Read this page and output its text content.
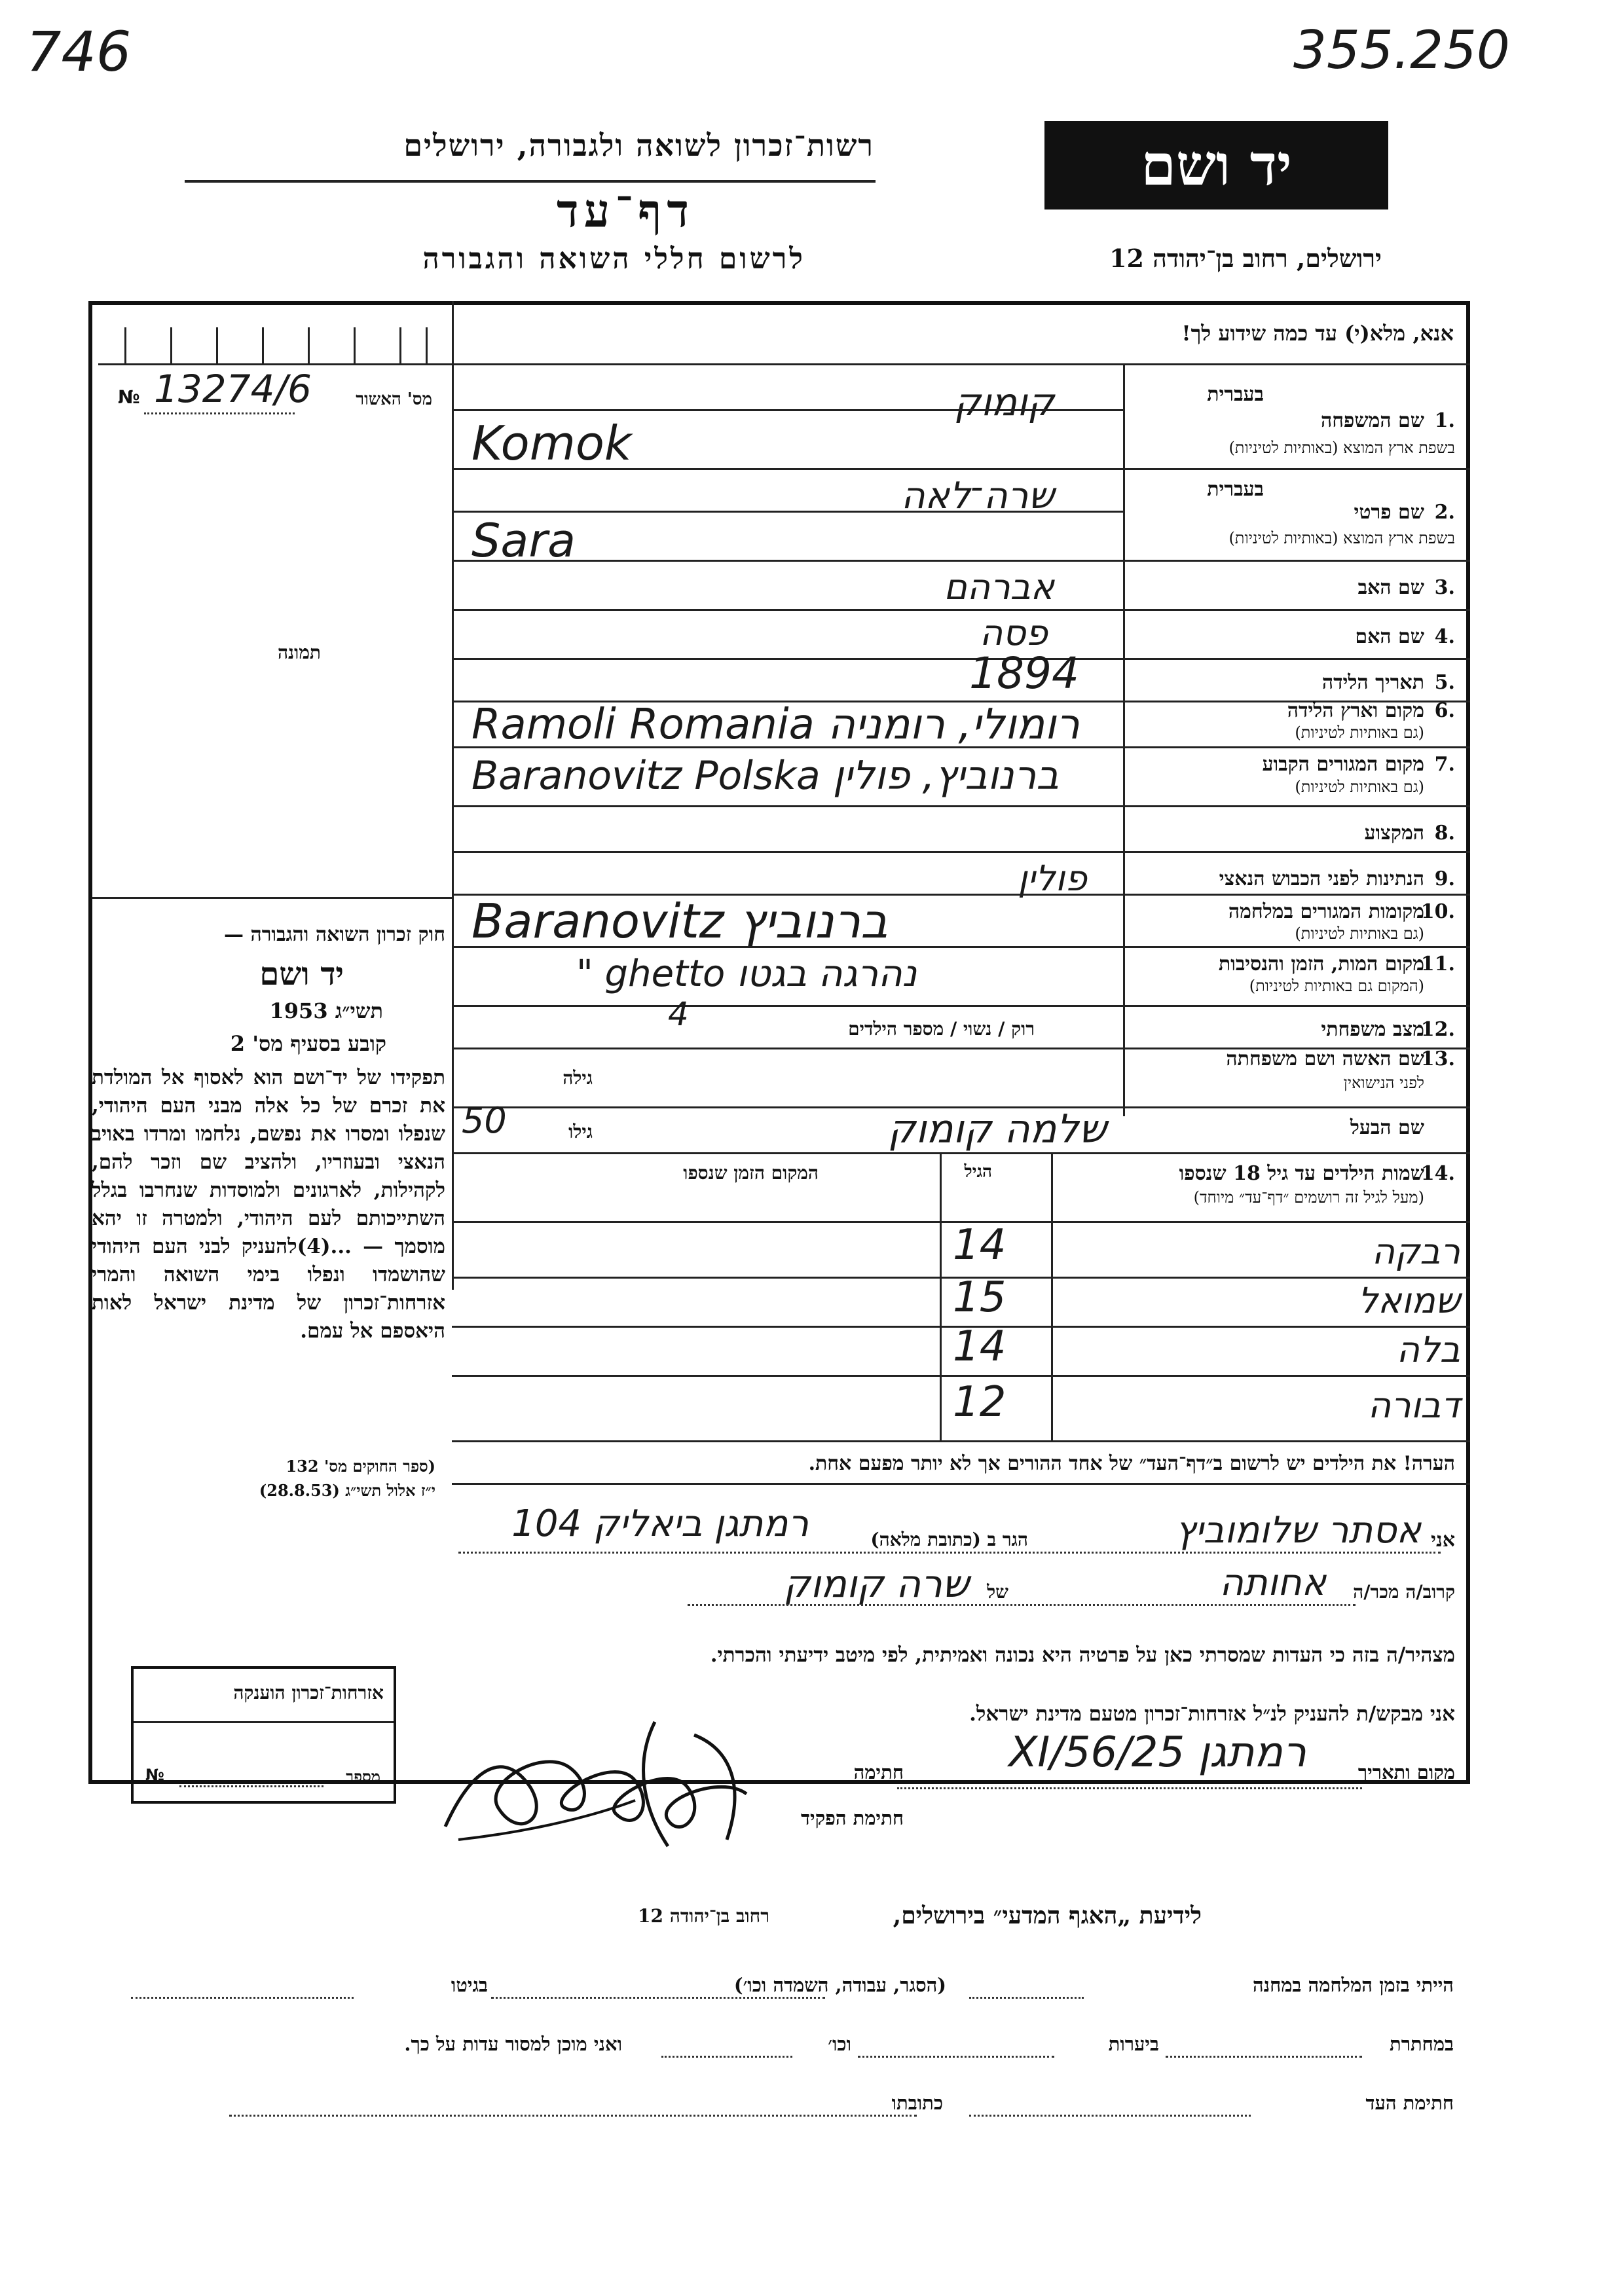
746	355.250
רשות־זכרון לשואה ולגבורה, ירושלים
דף־עד
לרשום חללי השואה והגבורה
יד ושם
ירושלים, רחוב בן־יהודה 12
אנא, מלא(י) עד כמה שידוע לך!
מס' האשור
№ 13274/6
תמונה
1.
שם המשפחה
בעברית
בשפת ארץ המוצא (באותיות לטיניות)
קומוק
Komok
2.
שם פרטי
בעברית
בשפת ארץ המוצא (באותיות לטיניות)
שרה־לאה
Sara
3.
שם האב
אברהם
4.
שם האם
פסה
5.
תאריך הלידה
1894
6.
מקום וארץ הלידה
(גם באותיות לטיניות)
Ramoli Romania רומולי, רומניה
7.
מקום המגורים הקבוע
(גם באותיות לטיניות)
Baranovitz Polska ברנוביץ, פולין
8.
המקצוע
9.
הנתינות לפני הכבוש הנאצי
פולין
10.
מקומות המגורים במלחמה
(גם באותיות לטיניות)
Baranovitz ברנוביץ
11.
מקום המות, הזמן והנסיבות
(המקום גם באותיות לטיניות)
" ghetto נהרגה בגטו
12.
מצב משפחתי
רוק / נשוי / מספר הילדים
4
13.
שם האשה ושם משפחתה
לפני הנישואין
גילה
שם הבעל
גילו
50	שלמה קומוק
14.
שמות הילדים עד גיל 18 שנספו
(מעל לגיל זה רושמים ״דף־עד״ מיוחד)
הגיל
המקום הזמן שנספו
רבקה
14
שמואל
15
בלה
14
דבורה
12
חוק זכרון השואה והגבורה —
יד ושם
תשי״ג 1953
קובע בסעיף מס' 2
תפקידו של יד־ושם הוא לאסוף אל המולדת את זכרם של כל אלה מבני העם היהודי, שנפלו ומסרו את נפשם, נלחמו ומרדו באויב הנאצי ובעוזריו, ולהציב שם וזכר להם, לקהילות, לארגונים ולמוסדות שנחרבו בגלל השתייכותם לעם היהודי, ולמטרה זו יהא מוסמך — ...(4)להעניק לבני העם היהודי שהושמדו ונפלו בימי השואה והמרי אזרחות־זכרון של מדינת ישראל לאות היאספם אל עמם.
(ספר החוקים מס' 132
י״ז אלול תשי״ג (28.8.53)
הערה! את הילדים יש לרשום ב״דף־העד״ של אחד ההורים אך לא יותר מפעם אחת.
אני
אסתר שלומוביץ
הגר ב (כתובת מלאה)
רמתגן ביאליק 104
קרוב/ה מכר/ה
אחותה
של
שרה קומוק
מצהיר/ה בזה כי העדות שמסרתי כאן על פרטיה היא נכונה ואמיתית, לפי מיטב ידיעתי והכרתי.
אני מבקש/ת להעניק לנ״ל אזרחות־זכרון מטעם מדינת ישראל.
מקום ותאריך
רמתגן 25/XI/56
חתימה
חתימת הפקיד
אזרחות־זכרון הוענקה
מספר
№
לידיעת „האגף המדעי״ בירושלים,
רחוב בן־יהודה 12
הייתי בזמן המלחמה במחנה
(הסגר, עבודה, השמדה וכו׳)
בגיטו
במחתרת
ביערות
וכו׳
ואני מוכן למסור עדות על כך.
חתימת העד
כתובתו
